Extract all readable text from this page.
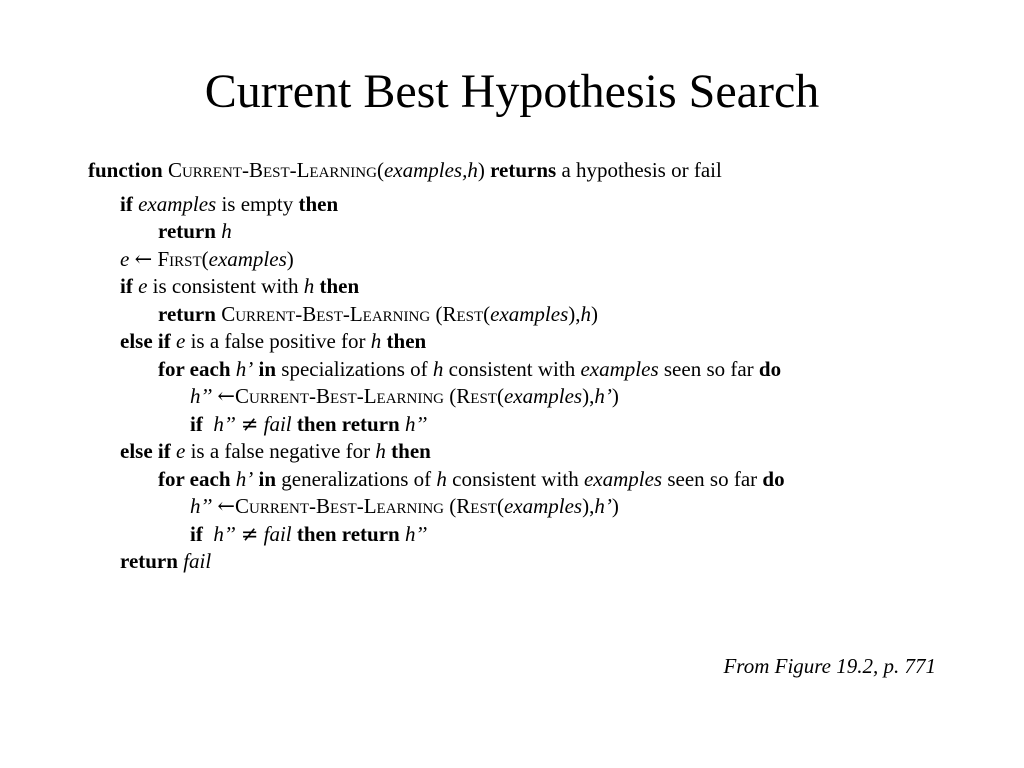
Current Best Hypothesis Search
function Current-Best-Learning(examples,h) returns a hypothesis or fail
if examples is empty then
return h
e ← First(examples)
if e is consistent with h then
return Current-Best-Learning (Rest(examples),h)
else if e is a false positive for h then
for each h’ in specializations of h consistent with examples seen so far do
h’’ ←Current-Best-Learning (Rest(examples),h’)
if h’’ ≠ fail then return h’’
else if e is a false negative for h then
for each h’ in generalizations of h consistent with examples seen so far do
h’’ ←Current-Best-Learning (Rest(examples),h’)
if h’’ ≠ fail then return h’’
return fail
From Figure 19.2, p. 771
